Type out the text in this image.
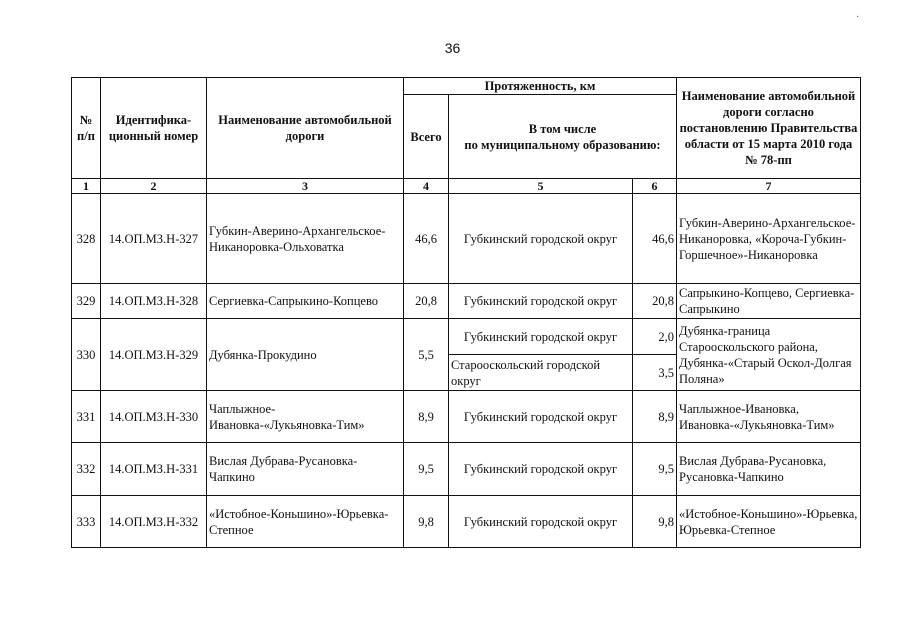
36
·
№ п/п	Идентифика-ционный номер	Наименование автомобильной дороги	Протяженность, км			Наименование автомобильной дороги согласно постановлению Правительства области от 15 марта 2010 года № 78-пп
			Всего	В том числе
по муниципальному образованию:		

1	2	3	4	5	6	7
328	14.ОП.МЗ.Н-327	Губкин-Аверино-Архангельское-Никаноровка-Ольховатка	46,6	Губкинский городской округ	46,6	Губкин-Аверино-Архангельское-Никаноровка, «Короча-Губкин-Горшечное»-Никаноровка
329	14.ОП.МЗ.Н-328	Сергиевка-Сапрыкино-Копцево	20,8	Губкинский городской округ	20,8	Сапрыкино-Копцево, Сергиевка-Сапрыкино
330	14.ОП.МЗ.Н-329	Дубянка-Прокудино	5,5	Губкинский городской округ	2,0	Дубянка-граница Старооскольского района, Дубянка-«Старый Оскол-Долгая Поляна»
				Старооскольский городской округ	3,5	
331	14.ОП.МЗ.Н-330	Чаплыжное-Ивановка-«Лукьяновка-Тим»	8,9	Губкинский городской округ	8,9	Чаплыжное-Ивановка, Ивановка-«Лукьяновка-Тим»
332	14.ОП.МЗ.Н-331	Вислая Дубрава-Русановка-Чапкино	9,5	Губкинский городской округ	9,5	Вислая Дубрава-Русановка, Русановка-Чапкино
333	14.ОП.МЗ.Н-332	«Истобное-Коньшино»-Юрьевка-Степное	9,8	Губкинский городской округ	9,8	«Истобное-Коньшино»-Юрьевка, Юрьевка-Степное
